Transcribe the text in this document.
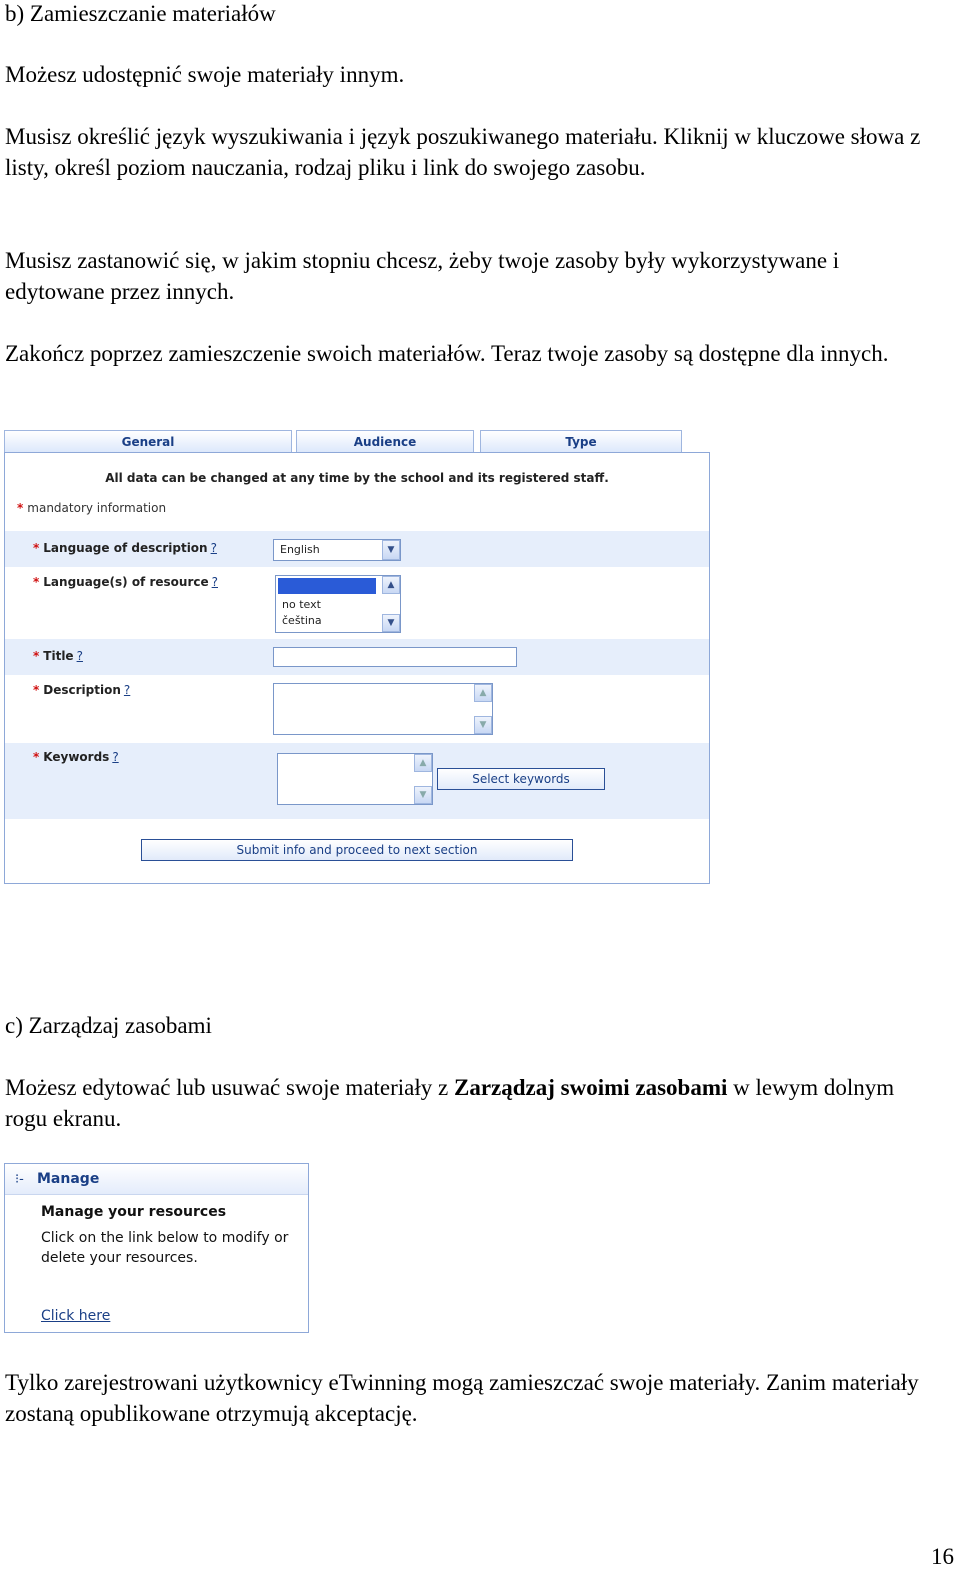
b) Zamieszczanie materiałów

Możesz udostępnić swoje materiały innym.

Musisz określić język wyszukiwania i język poszukiwanego materiału. Kliknij w kluczowe słowa z listy, określ poziom nauczania, rodzaj pliku i link do swojego zasobu.

Musisz zastanowić się, w jakim stopniu chcesz, żeby twoje zasoby były wykorzystywane i edytowane przez innych.

Zakończ poprzez zamieszczenie swoich materiałów. Teraz twoje zasoby są dostępne dla innych.

General	Audience	Type
All data can be changed at any time by the school and its registered staff.
* mandatory information
* Language of description ?	English	▼
* Language(s) of resource ?
no text
čeština
▲
▼
* Title ?
* Description ?	▲
▼
* Keywords ?	▲
▼
Select keywords
Submit info and proceed to next section

c) Zarządzaj zasobami

Możesz edytować lub usuwać swoje materiały z Zarządzaj swoimi zasobami w lewym dolnym rogu ekranu.

⁝- Manage
Manage your resources
Click on the link below to modify or delete your resources.
Click here

Tylko zarejestrowani użytkownicy eTwinning mogą zamieszczać swoje materiały. Zanim materiały zostaną opublikowane otrzymują akceptację.

16
